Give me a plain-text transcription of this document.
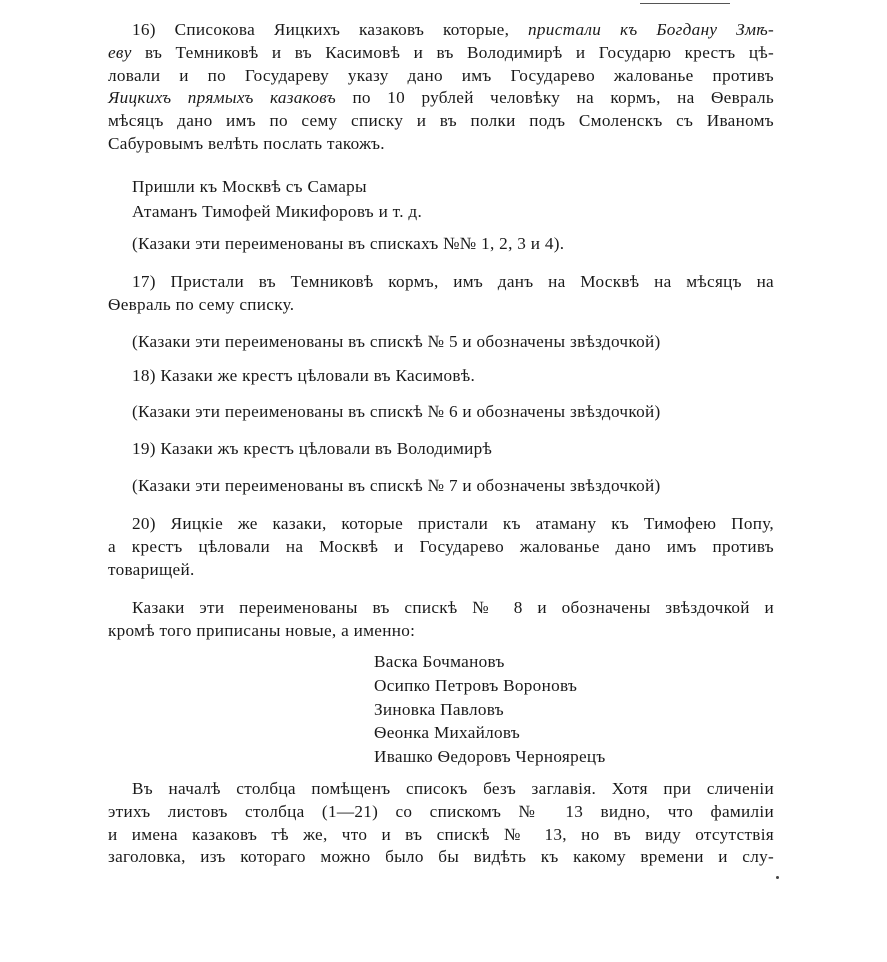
16) Списокова Яицкихъ казаковъ которые, пристали къ Богдану Змѣ-
еву въ Темниковѣ и въ Касимовѣ и въ Володимирѣ и Государю крестъ цѣ-
ловали и по Государеву указу дано имъ Государево жалованье противъ
Яицкихъ прямыхъ казаковъ по 10 рублей человѣку на кормъ, на Ѳевраль
мѣсяцъ дано имъ по сему списку и въ полки подъ Смоленскъ съ Иваномъ
Сабуровымъ велѣть послать такожъ.
Пришли къ Москвѣ съ Самары
Атаманъ Тимофей Микифоровъ и т. д.
(Казаки эти переименованы въ спискахъ №№ 1, 2, 3 и 4).
17) Пристали въ Темниковѣ кормъ, имъ данъ на Москвѣ на мѣсяцъ на
Ѳевраль по сему списку.
(Казаки эти переименованы въ спискѣ № 5 и обозначены звѣздочкой)
18) Казаки же крестъ цѣловали въ Касимовѣ.
(Казаки эти переименованы въ спискѣ № 6 и обозначены звѣздочкой)
19) Казаки жъ крестъ цѣловали въ Володимирѣ
(Казаки эти переименованы въ спискѣ № 7 и обозначены звѣздочкой)
20) Яицкіе же казаки, которые пристали къ атаману къ Тимофею Попу,
а крестъ цѣловали на Москвѣ и Государево жалованье дано имъ противъ
товарищей.
Казаки эти переименованы въ спискѣ № 8 и обозначены звѣздочкой и
кромѣ того приписаны новые, а именно:
Васка Бочмановъ
Осипко Петровъ Вороновъ
Зиновка Павловъ
Ѳеонка Михайловъ
Ивашко Ѳедоровъ Черноярецъ
Въ началѣ столбца помѣщенъ списокъ безъ заглавія. Хотя при сличеніи
этихъ листовъ столбца (1—21) со спискомъ № 13 видно, что фамиліи
и имена казаковъ тѣ же, что и въ спискѣ № 13, но въ виду отсутствія
заголовка, изъ котораго можно было бы видѣть къ какому времени и слу-
